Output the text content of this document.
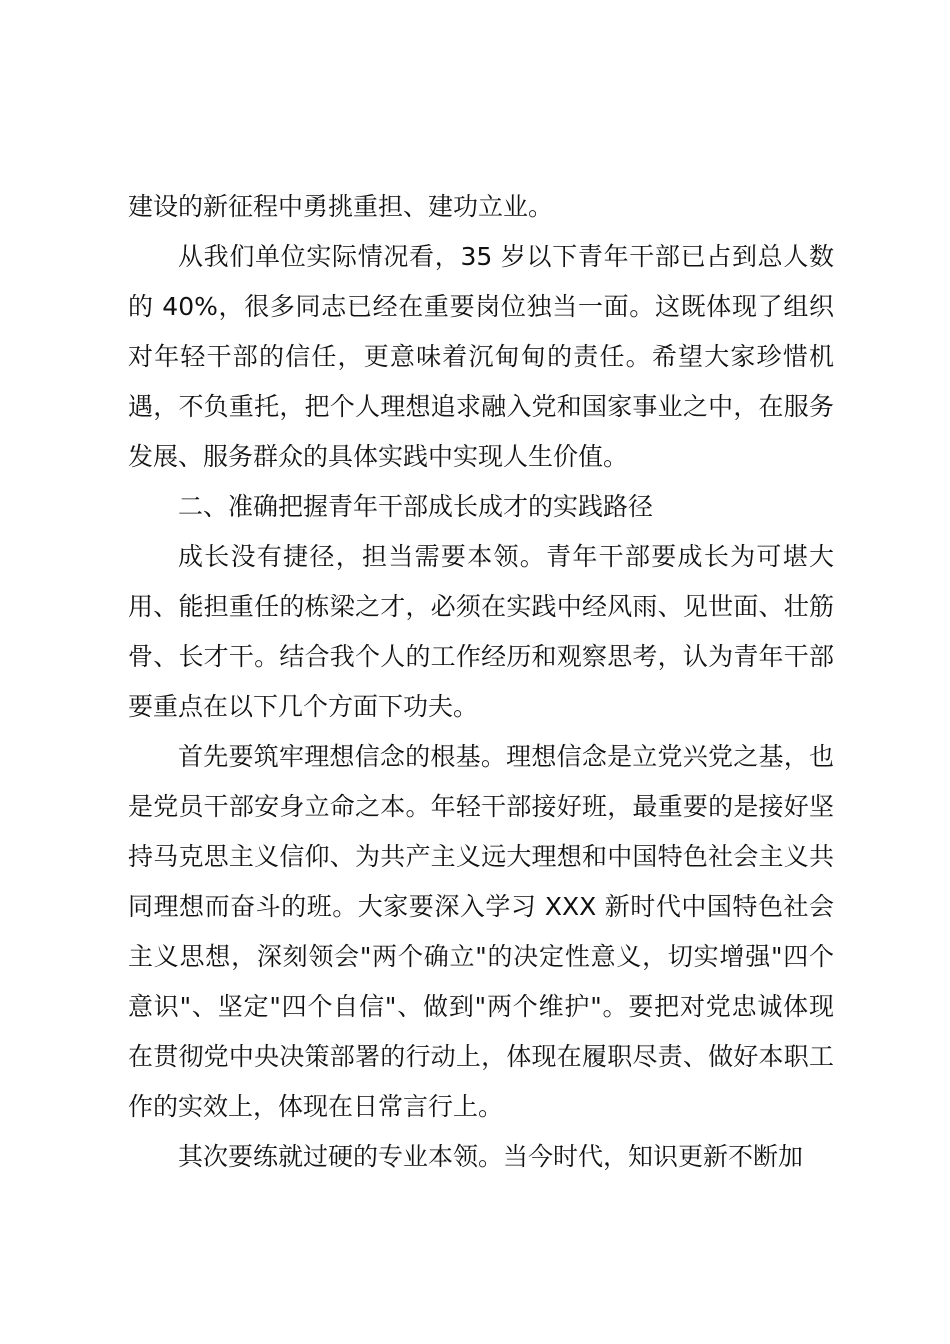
建设的新征程中勇挑重担、建功立业。

从我们单位实际情况看，35 岁以下青年干部已占到总人数的 40%，很多同志已经在重要岗位独当一面。这既体现了组织对年轻干部的信任，更意味着沉甸甸的责任。希望大家珍惜机遇，不负重托，把个人理想追求融入党和国家事业之中，在服务发展、服务群众的具体实践中实现人生价值。

二、准确把握青年干部成长成才的实践路径

成长没有捷径，担当需要本领。青年干部要成长为可堪大用、能担重任的栋梁之才，必须在实践中经风雨、见世面、壮筋骨、长才干。结合我个人的工作经历和观察思考，认为青年干部要重点在以下几个方面下功夫。

首先要筑牢理想信念的根基。理想信念是立党兴党之基，也是党员干部安身立命之本。年轻干部接好班，最重要的是接好坚持马克思主义信仰、为共产主义远大理想和中国特色社会主义共同理想而奋斗的班。大家要深入学习 XXX 新时代中国特色社会主义思想，深刻领会"两个确立"的决定性意义，切实增强"四个意识"、坚定"四个自信"、做到"两个维护"。要把对党忠诚体现在贯彻党中央决策部署的行动上，体现在履职尽责、做好本职工作的实效上，体现在日常言行上。

其次要练就过硬的专业本领。当今时代，知识更新不断加
